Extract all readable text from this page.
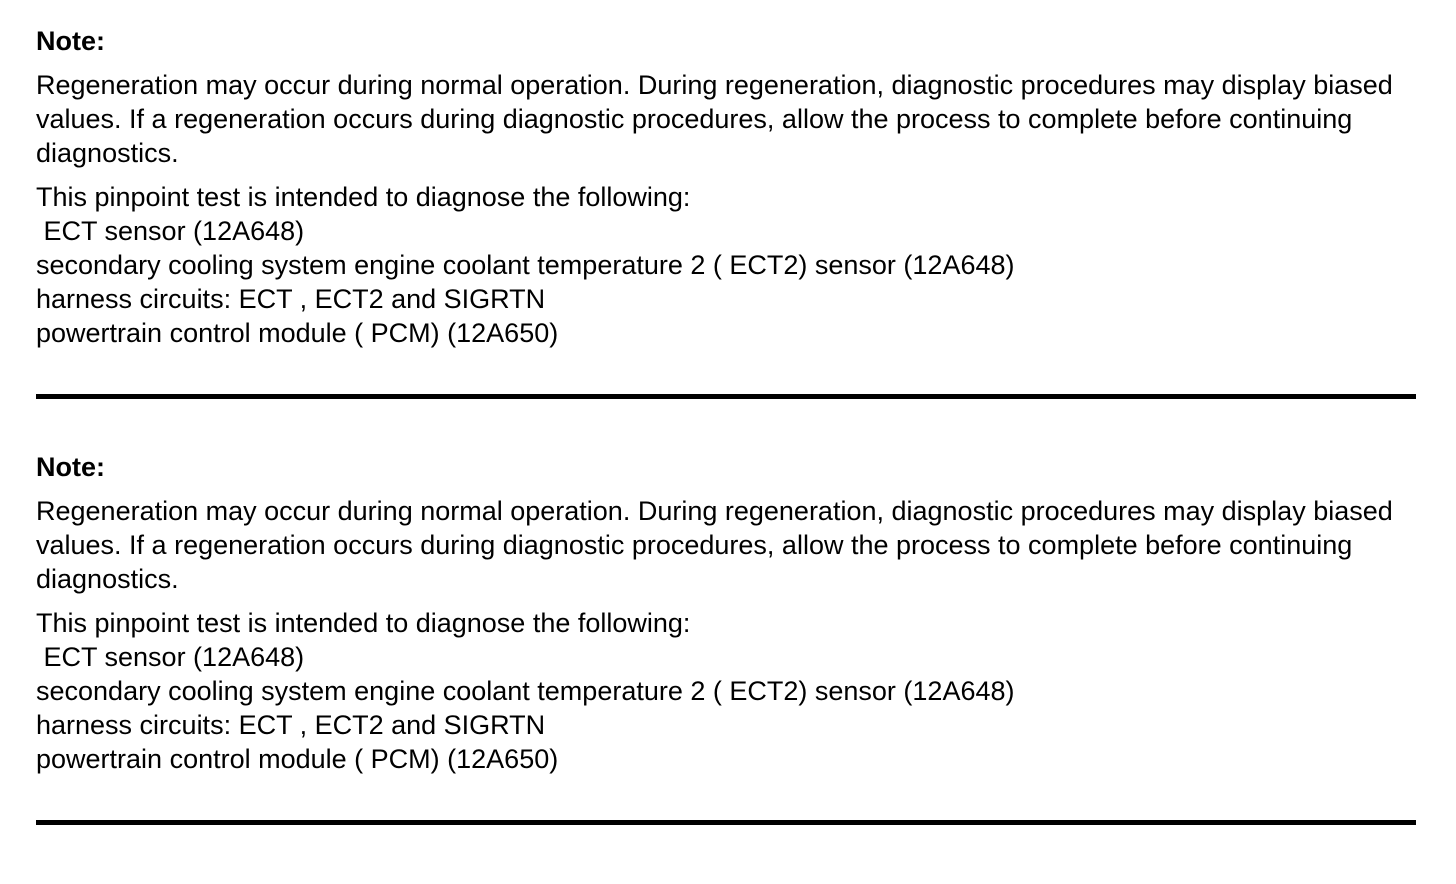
Note:

Regeneration may occur during normal operation. During regeneration, diagnostic procedures may display biased values. If a regeneration occurs during diagnostic procedures, allow the process to complete before continuing diagnostics.

This pinpoint test is intended to diagnose the following:

ECT sensor (12A648)

secondary cooling system engine coolant temperature 2 ( ECT2) sensor (12A648)

harness circuits: ECT , ECT2 and SIGRTN

powertrain control module ( PCM) (12A650)

Note:

Regeneration may occur during normal operation. During regeneration, diagnostic procedures may display biased values. If a regeneration occurs during diagnostic procedures, allow the process to complete before continuing diagnostics.

This pinpoint test is intended to diagnose the following:

ECT sensor (12A648)

secondary cooling system engine coolant temperature 2 ( ECT2) sensor (12A648)

harness circuits: ECT , ECT2 and SIGRTN

powertrain control module ( PCM) (12A650)
